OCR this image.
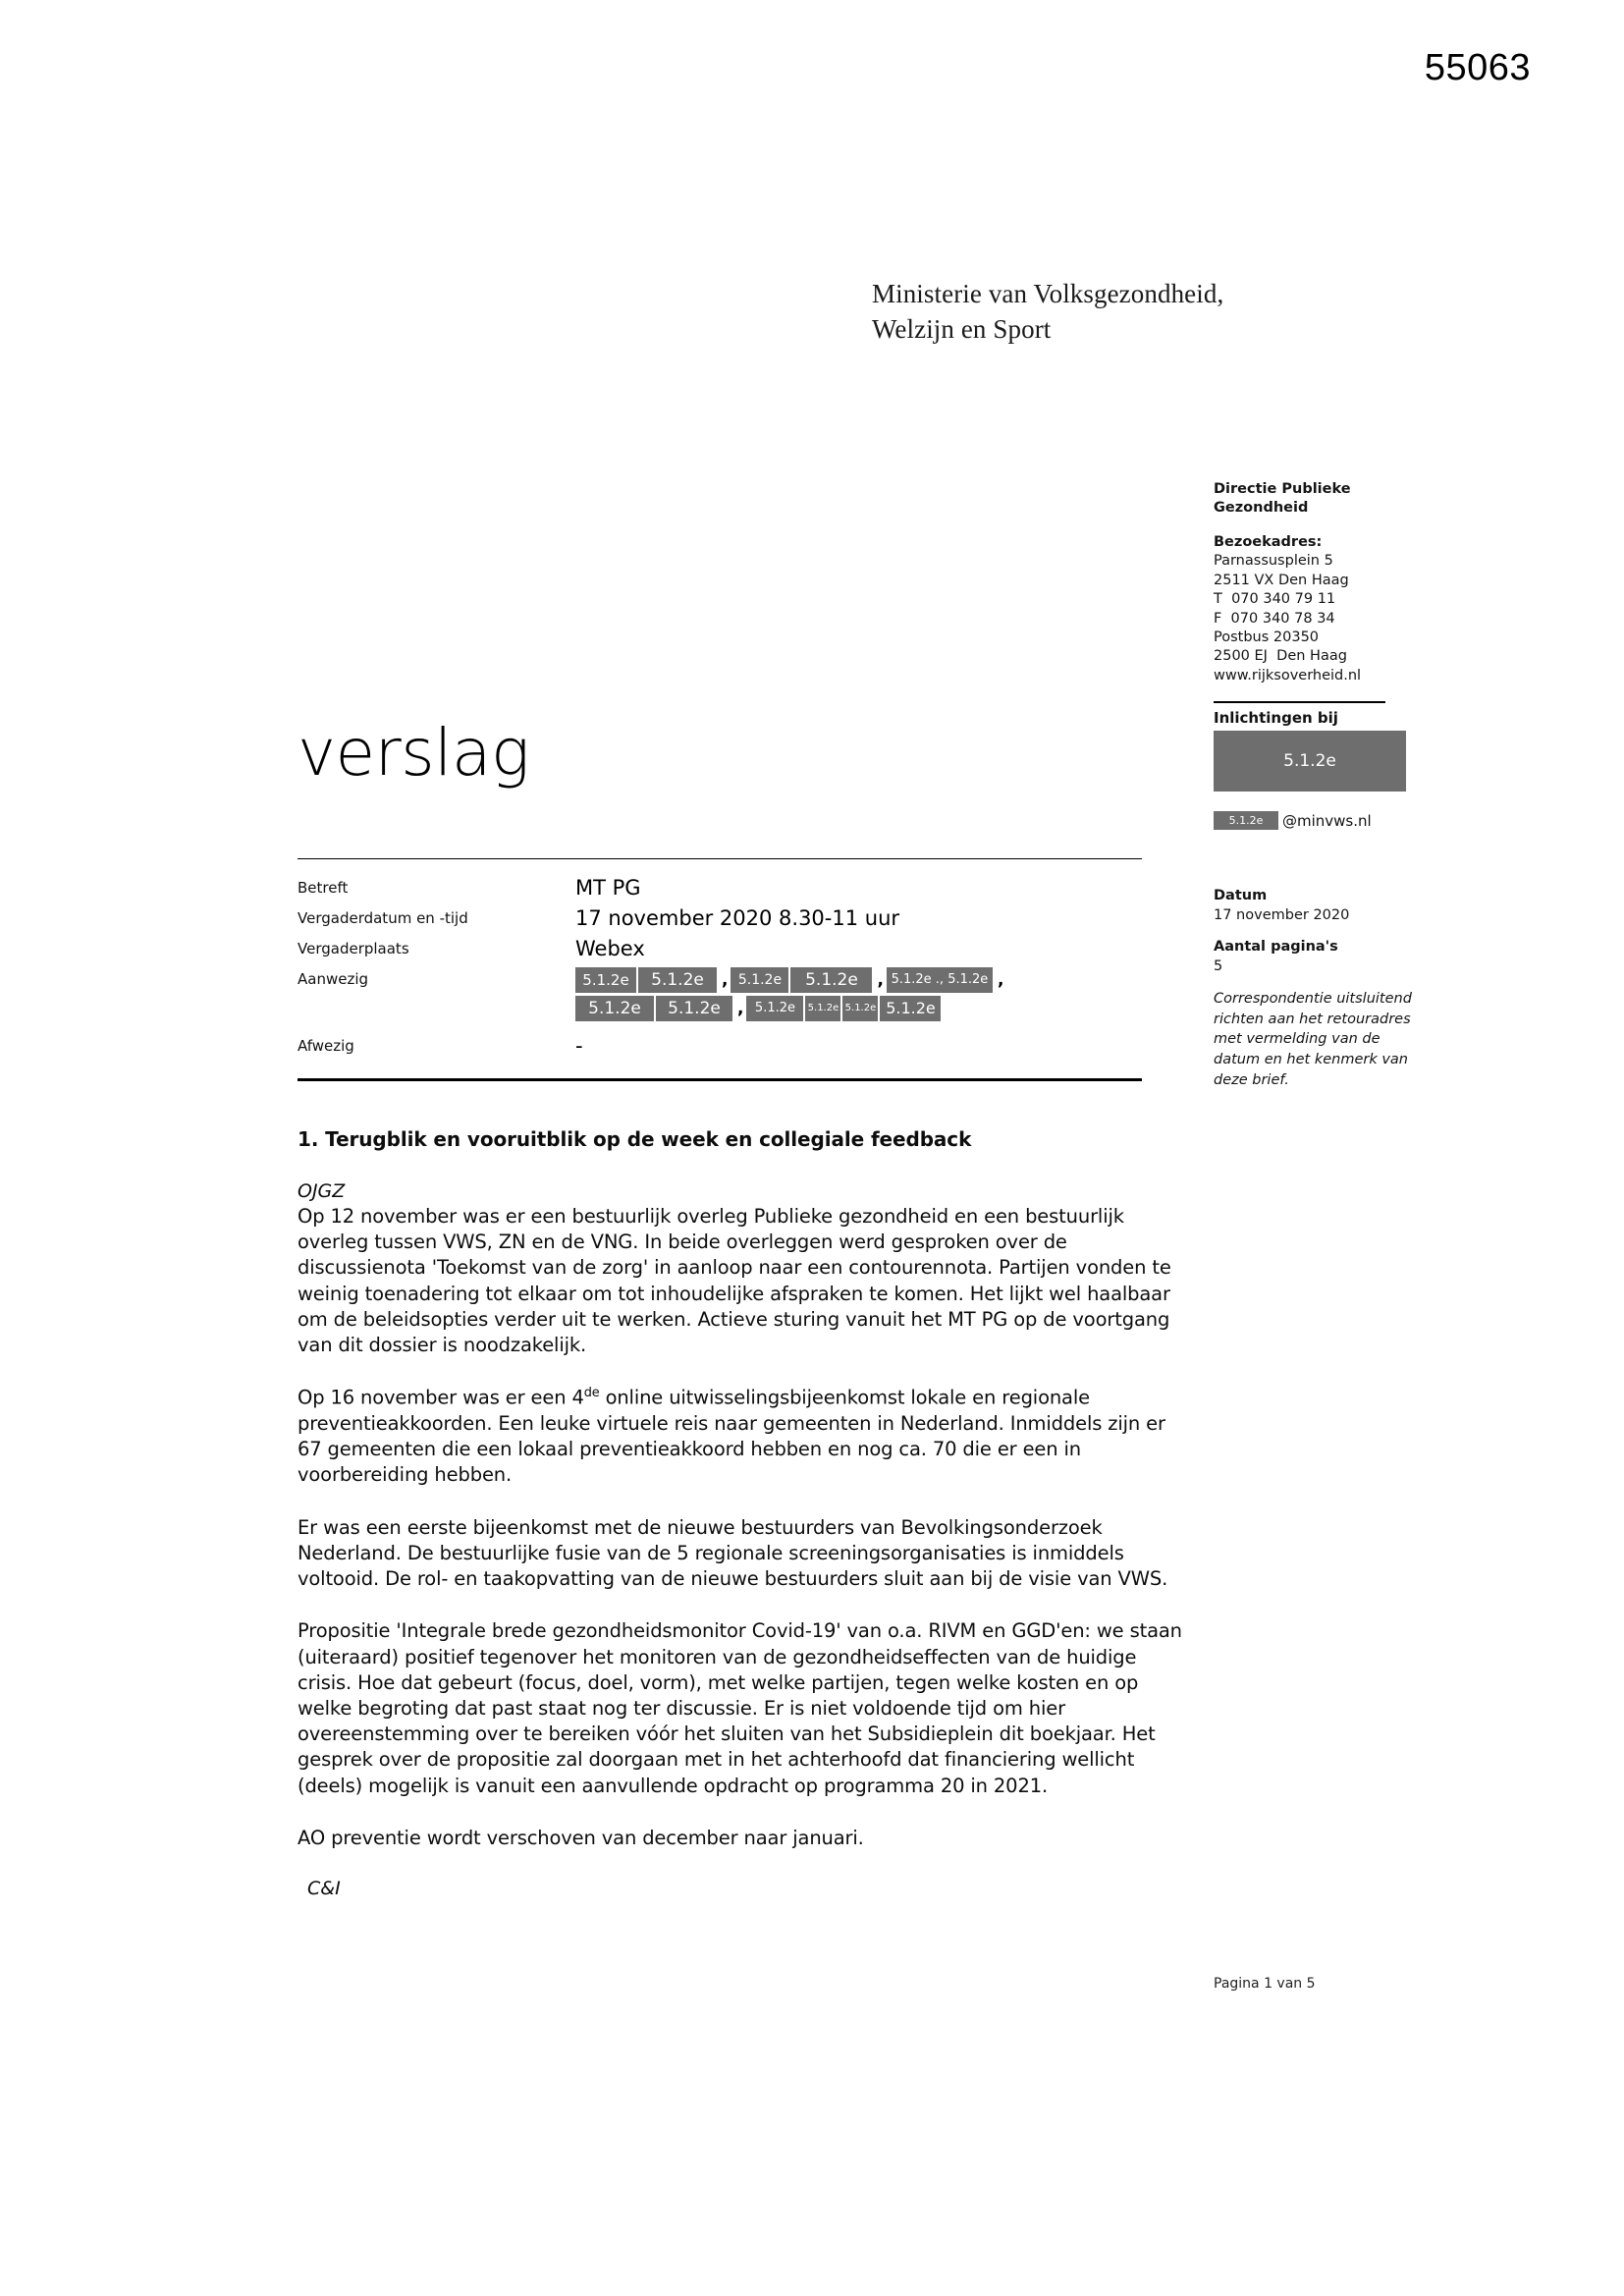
55063
Ministerie van Volksgezondheid,
Welzijn en Sport
Directie Publieke
Gezondheid
Bezoekadres:
Parnassusplein 5
2511 VX Den Haag
T  070 340 79 11
F  070 340 78 34
Postbus 20350
2500 EJ  Den Haag
www.rijksoverheid.nl
Inlichtingen bij
5.1.2e
5.1.2e	@minvws.nl
Datum
17 november 2020
Aantal pagina's
5
Correspondentie uitsluitend richten aan het retouradres met vermelding van de datum en het kenmerk van deze brief.
verslag
Betreft	MT PG
Vergaderdatum en -tijd	17 november 2020 8.30-11 uur
Vergaderplaats	Webex
Aanwezig	5.1.2e 5.1.2e , 5.1.2e 5.1.2e , 5.1.2e ., 5.1.2e ,
5.1.2e 5.1.2e , 5.1.2e 5.1.2e 5.1.2e 5.1.2e
Afwezig	-
1. Terugblik en vooruitblik op de week en collegiale feedback
OJGZ

Op 12 november was er een bestuurlijk overleg Publieke gezondheid en een bestuurlijk overleg tussen VWS, ZN en de VNG. In beide overleggen werd gesproken over de discussienota 'Toekomst van de zorg' in aanloop naar een contourennota. Partijen vonden te weinig toenadering tot elkaar om tot inhoudelijke afspraken te komen. Het lijkt wel haalbaar om de beleidsopties verder uit te werken. Actieve sturing vanuit het MT PG op de voortgang van dit dossier is noodzakelijk.

Op 16 november was er een 4de online uitwisselingsbijeenkomst lokale en regionale preventieakkoorden. Een leuke virtuele reis naar gemeenten in Nederland. Inmiddels zijn er 67 gemeenten die een lokaal preventieakkoord hebben en nog ca. 70 die er een in voorbereiding hebben.

Er was een eerste bijeenkomst met de nieuwe bestuurders van Bevolkingsonderzoek Nederland. De bestuurlijke fusie van de 5 regionale screeningsorganisaties is inmiddels voltooid. De rol- en taakopvatting van de nieuwe bestuurders sluit aan bij de visie van VWS.

Propositie 'Integrale brede gezondheidsmonitor Covid-19' van o.a. RIVM en GGD'en: we staan (uiteraard) positief tegenover het monitoren van de gezondheidseffecten van de huidige crisis. Hoe dat gebeurt (focus, doel, vorm), met welke partijen, tegen welke kosten en op welke begroting dat past staat nog ter discussie. Er is niet voldoende tijd om hier overeenstemming over te bereiken vóór het sluiten van het Subsidieplein dit boekjaar. Het gesprek over de propositie zal doorgaan met in het achterhoofd dat financiering wellicht (deels) mogelijk is vanuit een aanvullende opdracht op programma 20 in 2021.

AO preventie wordt verschoven van december naar januari.

C&I
Pagina 1 van 5
